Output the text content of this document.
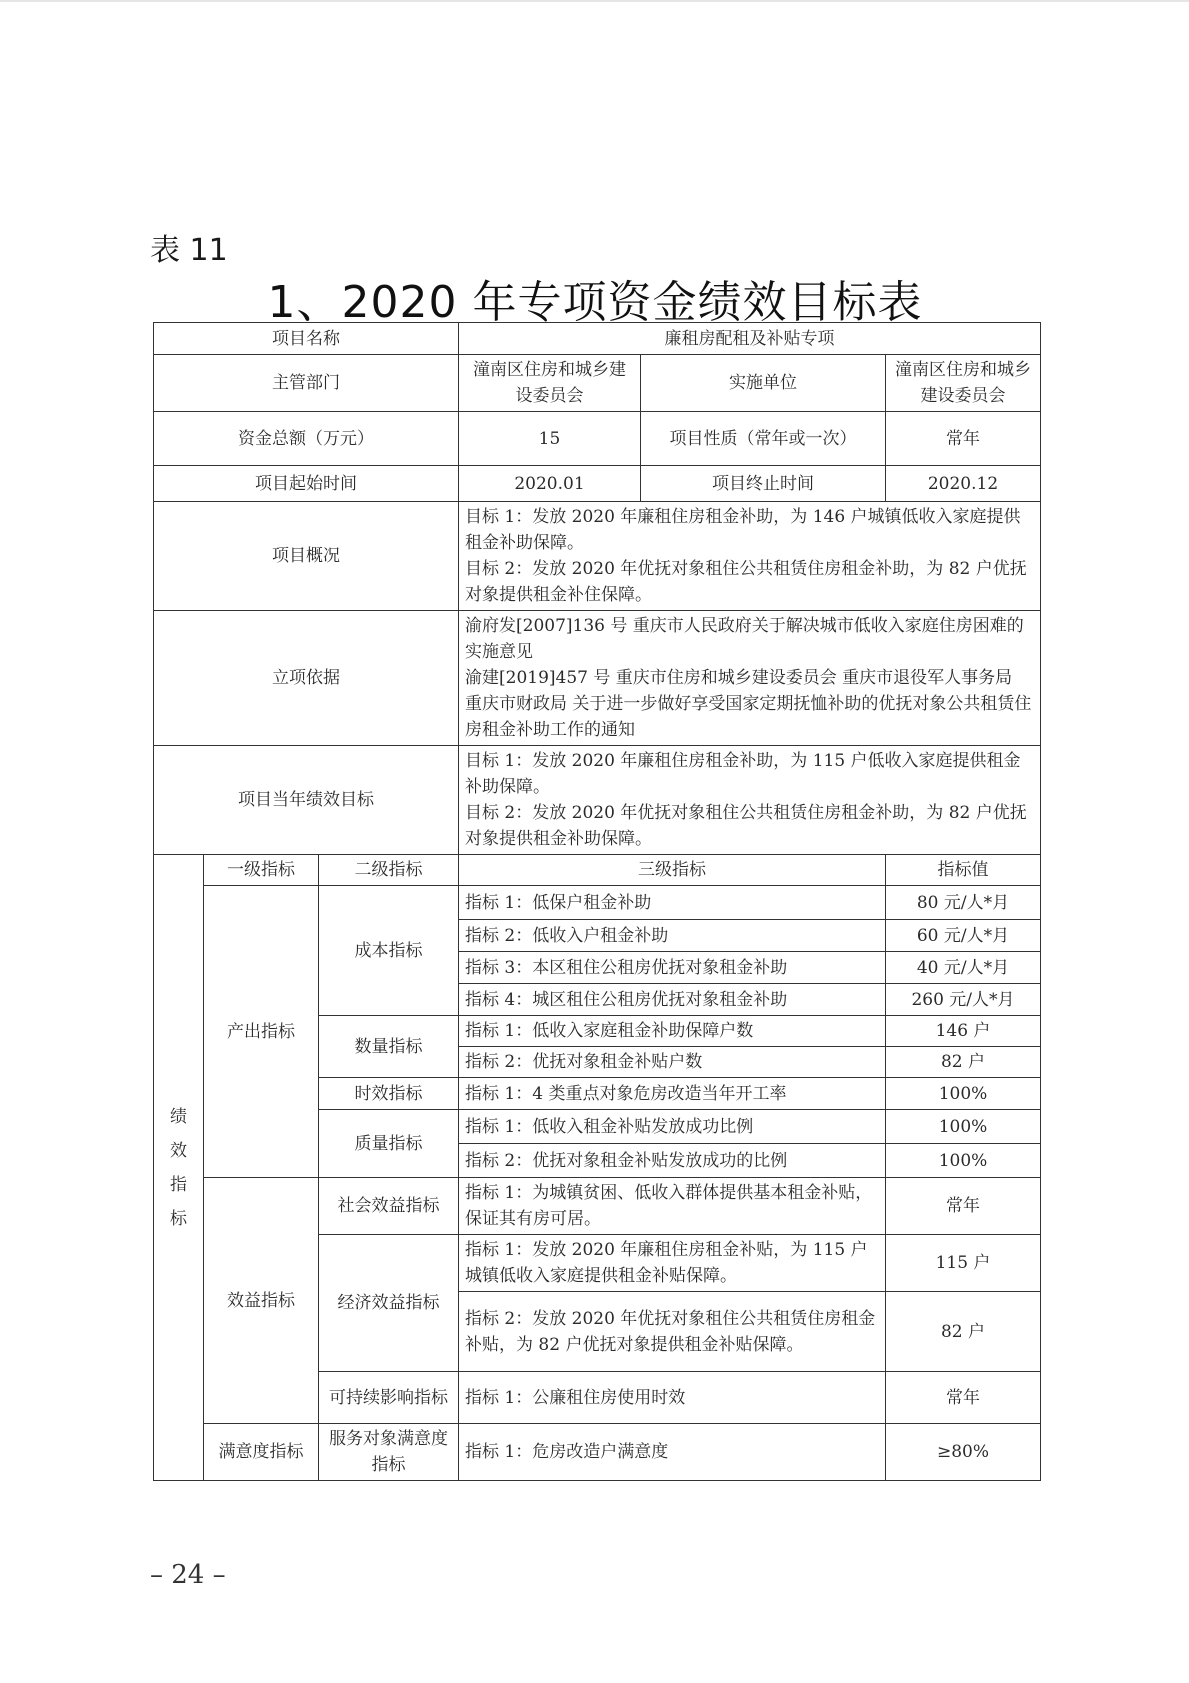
表 11
1、2020 年专项资金绩效目标表
项目名称			廉租房配租及补贴专项		
主管部门			潼南区住房和城乡建设委员会	实施单位	潼南区住房和城乡建设委员会
资金总额（万元）			15	项目性质（常年或一次）	常年
项目起始时间			2020.01	项目终止时间	2020.12
项目概况			目标 1：发放 2020 年廉租住房租金补助，为 146 户城镇低收入家庭提供租金补助保障。
目标 2：发放 2020 年优抚对象租住公共租赁住房租金补助，为 82 户优抚对象提供租金补住保障。		

立项依据			渝府发[2007]136 号 重庆市人民政府关于解决城市低收入家庭住房困难的实施意见
渝建[2019]457 号 重庆市住房和城乡建设委员会 重庆市退役军人事务局 重庆市财政局 关于进一步做好享受国家定期抚恤补助的优抚对象公共租赁住房租金补助工作的通知		

项目当年绩效目标			目标 1：发放 2020 年廉租住房租金补助，为 115 户低收入家庭提供租金补助保障。
目标 2：发放 2020 年优抚对象租住公共租赁住房租金补助，为 82 户优抚对象提供租金补助保障。		

绩效指标	一级指标	二级指标	三级指标		指标值
	产出指标	成本指标	指标 1：低保户租金补助		80 元/人*月
			指标 2：低收入户租金补助		60 元/人*月
			指标 3：本区租住公租房优抚对象租金补助		40 元/人*月
			指标 4：城区租住公租房优抚对象租金补助		260 元/人*月
		数量指标	指标 1：低收入家庭租金补助保障户数		146 户
			指标 2：优抚对象租金补贴户数		82 户
		时效指标	指标 1：4 类重点对象危房改造当年开工率		100%
		质量指标	指标 1：低收入租金补贴发放成功比例		100%
			指标 2：优抚对象租金补贴发放成功的比例		100%
	效益指标	社会效益指标	指标 1：为城镇贫困、低收入群体提供基本租金补贴，保证其有房可居。		常年
		经济效益指标	指标 1：发放 2020 年廉租住房租金补贴，为 115 户城镇低收入家庭提供租金补贴保障。		115 户
			指标 2：发放 2020 年优抚对象租住公共租赁住房租金补贴，为 82 户优抚对象提供租金补贴保障。		82 户
		可持续影响指标	指标 1：公廉租住房使用时效		常年
	满意度指标	服务对象满意度指标	指标 1：危房改造户满意度		≥80%
– 24 –
